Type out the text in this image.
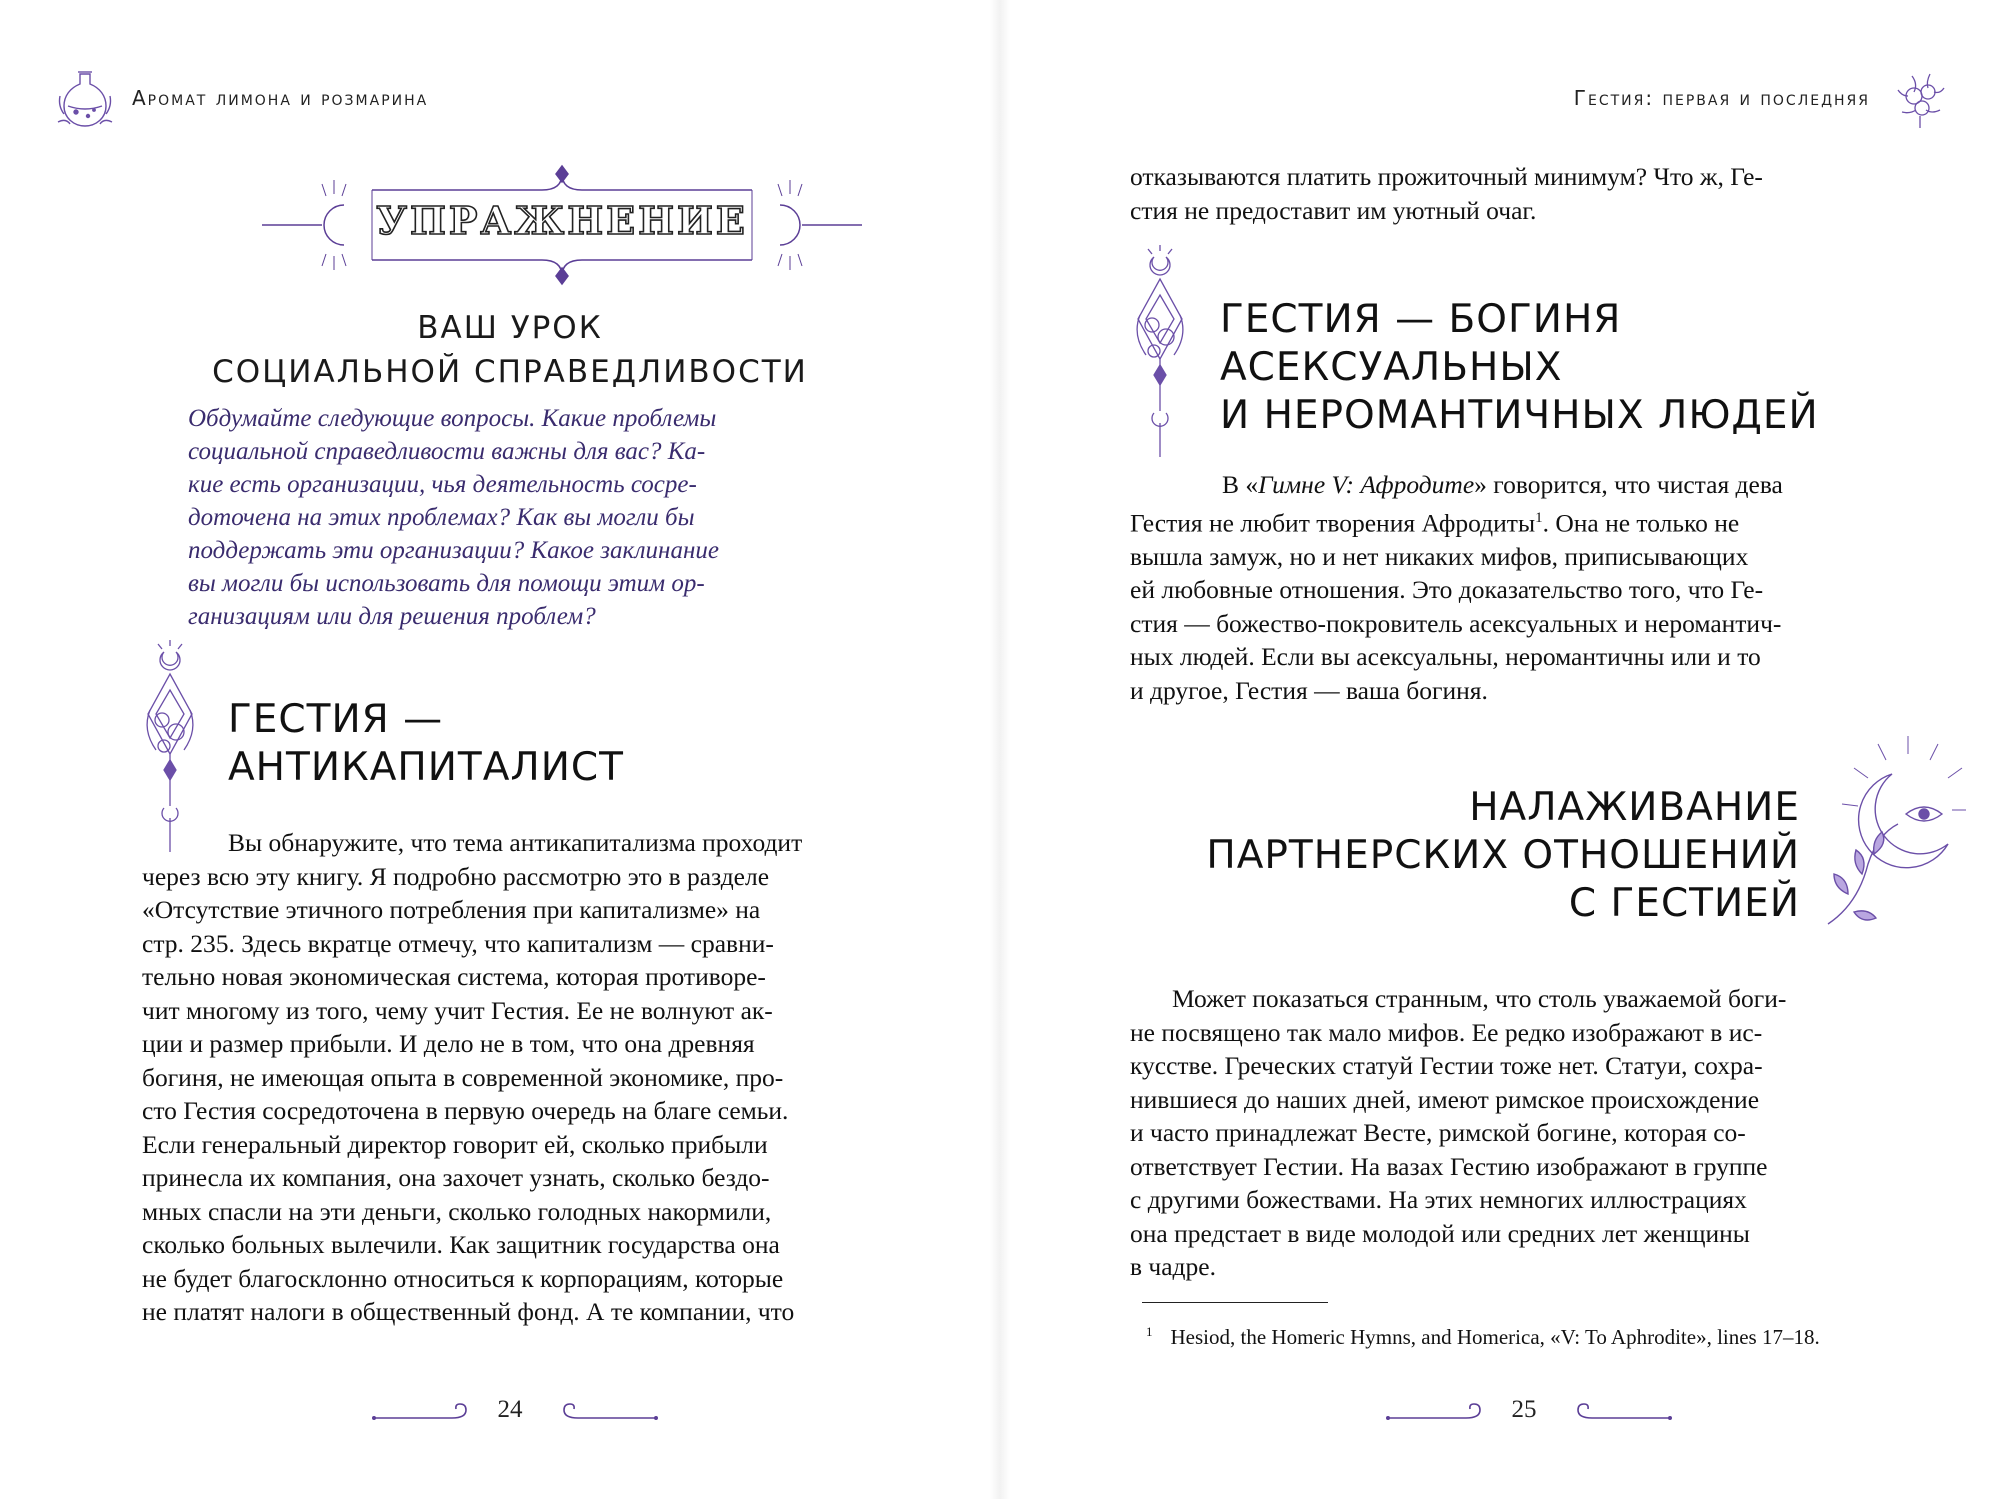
Аромат лимона и розмарина
УПРАЖНЕНИЕ
ВАШ УРОК
СОЦИАЛЬНОЙ СПРАВЕДЛИВОСТИ
Обдумайте следующие вопросы. Какие проблемы
социальной справедливости важны для вас? Ка-
кие есть организации, чья деятельность сосре-
доточена на этих проблемах? Как вы могли бы
поддержать эти организации? Какое заклинание
вы могли бы использовать для помощи этим ор-
ганизациям или для решения проблем?
ГЕСТИЯ —
АНТИКАПИТАЛИСТ
Вы обнаружите, что тема антикапитализма проходит
через всю эту книгу. Я подробно рассмотрю это в разделе
«Отсутствие этичного потребления при капитализме» на
стр. 235. Здесь вкратце отмечу, что капитализм — сравни-
тельно новая экономическая система, которая противоре-
чит многому из того, чему учит Гестия. Ее не волнуют ак-
ции и размер прибыли. И дело не в том, что она древняя
богиня, не имеющая опыта в современной экономике, про-
сто Гестия сосредоточена в первую очередь на благе семьи.
Если генеральный директор говорит ей, сколько прибыли
принесла их компания, она захочет узнать, сколько бездо-
мных спасли на эти деньги, сколько голодных накормили,
сколько больных вылечили. Как защитник государства она
не будет благосклонно относиться к корпорациям, которые
не платят налоги в общественный фонд. А те компании, что
24
Гестия: первая и последняя
отказываются платить прожиточный минимум? Что ж, Ге-
стия не предоставит им уютный очаг.
ГЕСТИЯ — БОГИНЯ
АСЕКСУАЛЬНЫХ
И НЕРОМАНТИЧНЫХ ЛЮДЕЙ
В «Гимне V: Афродите» говорится, что чистая дева
Гестия не любит творения Афродиты$^1$. Она не только не
вышла замуж, но и нет никаких мифов, приписывающих
ей любовные отношения. Это доказательство того, что Ге-
стия — божество-покровитель асексуальных и неромантич-
ных людей. Если вы асексуальны, неромантичны или и то
и другое, Гестия — ваша богиня.
НАЛАЖИВАНИЕ
ПАРТНЕРСКИХ ОТНОШЕНИЙ
С ГЕСТИЕЙ
Может показаться странным, что столь уважаемой боги-
не посвящено так мало мифов. Ее редко изображают в ис-
кусстве. Греческих статуй Гестии тоже нет. Статуи, сохра-
нившиеся до наших дней, имеют римское происхождение
и часто принадлежат Весте, римской богине, которая со-
ответствует Гестии. На вазах Гестию изображают в группе
с другими божествами. На этих немногих иллюстрациях
она предстает в виде молодой или средних лет женщины
в чадре.
25
$^1$ Hesiod, the Homeric Hymns, and Homerica, «V: To Aphrodite», lines 17–18.
